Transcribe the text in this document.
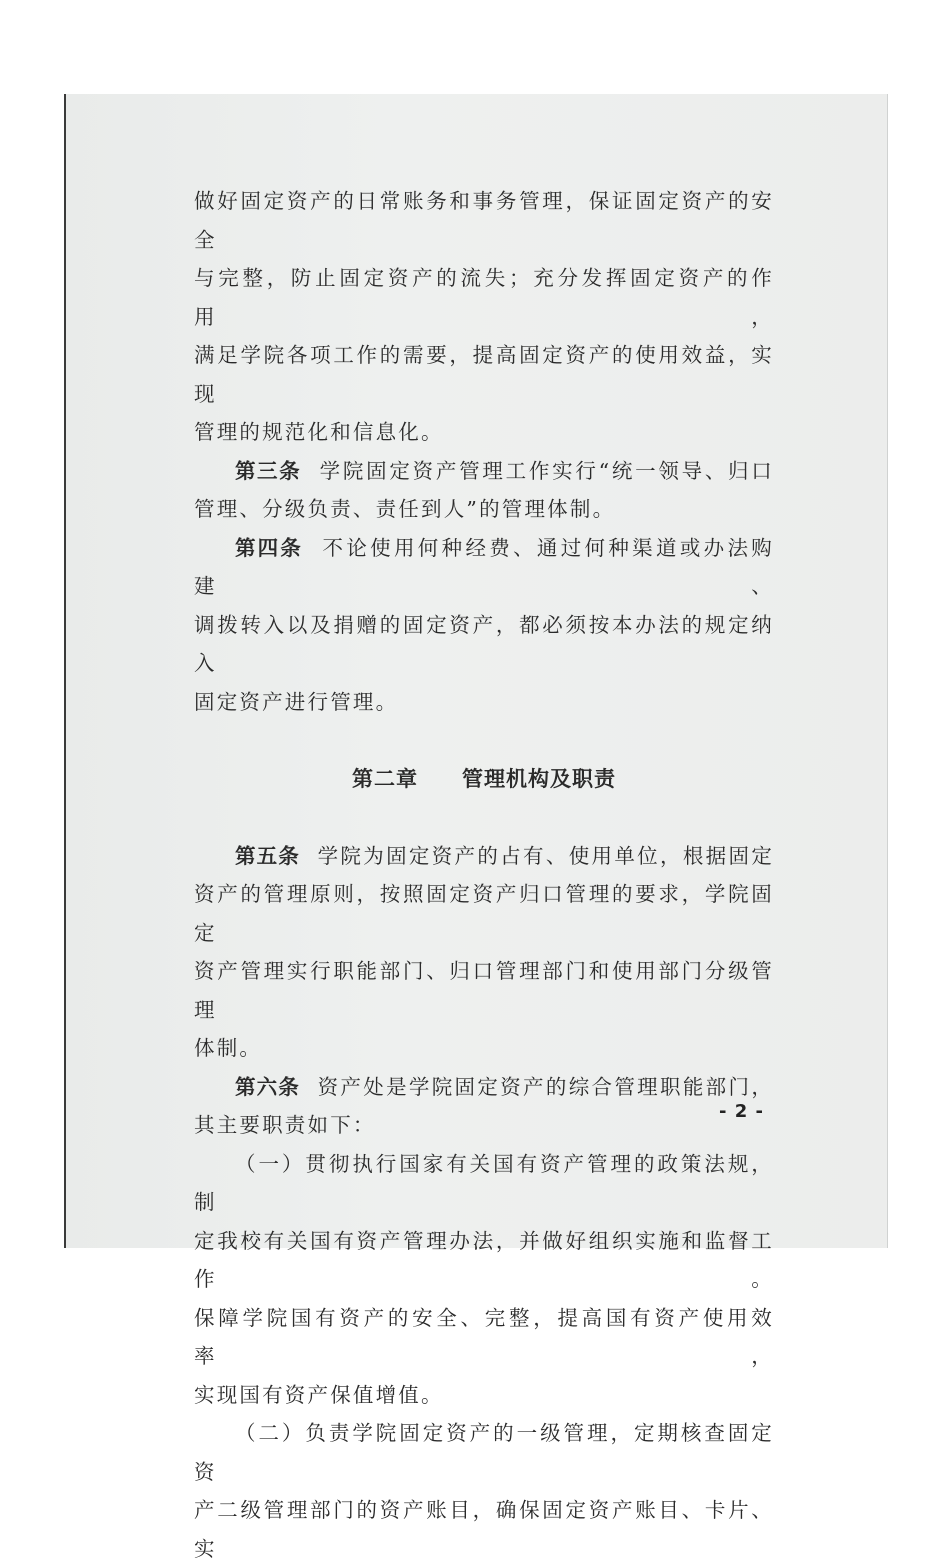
做好固定资产的日常账务和事务管理，保证固定资产的安全

与完整，防止固定资产的流失；充分发挥固定资产的作用，

满足学院各项工作的需要，提高固定资产的使用效益，实现

管理的规范化和信息化。

第三条 学院固定资产管理工作实行“统一领导、归口

管理、分级负责、责任到人”的管理体制。

第四条 不论使用何种经费、通过何种渠道或办法购建、

调拨转入以及捐赠的固定资产，都必须按本办法的规定纳入

固定资产进行管理。

第二章 管理机构及职责

第五条 学院为固定资产的占有、使用单位，根据固定

资产的管理原则，按照固定资产归口管理的要求，学院固定

资产管理实行职能部门、归口管理部门和使用部门分级管理

体制。

第六条 资产处是学院固定资产的综合管理职能部门，

其主要职责如下：

（一）贯彻执行国家有关国有资产管理的政策法规，制

定我校有关国有资产管理办法，并做好组织实施和监督工作。

保障学院国有资产的安全、完整，提高国有资产使用效率，

实现国有资产保值增值。

（二）负责学院固定资产的一级管理，定期核查固定资

产二级管理部门的资产账目，确保固定资产账目、卡片、实

- 2 -
